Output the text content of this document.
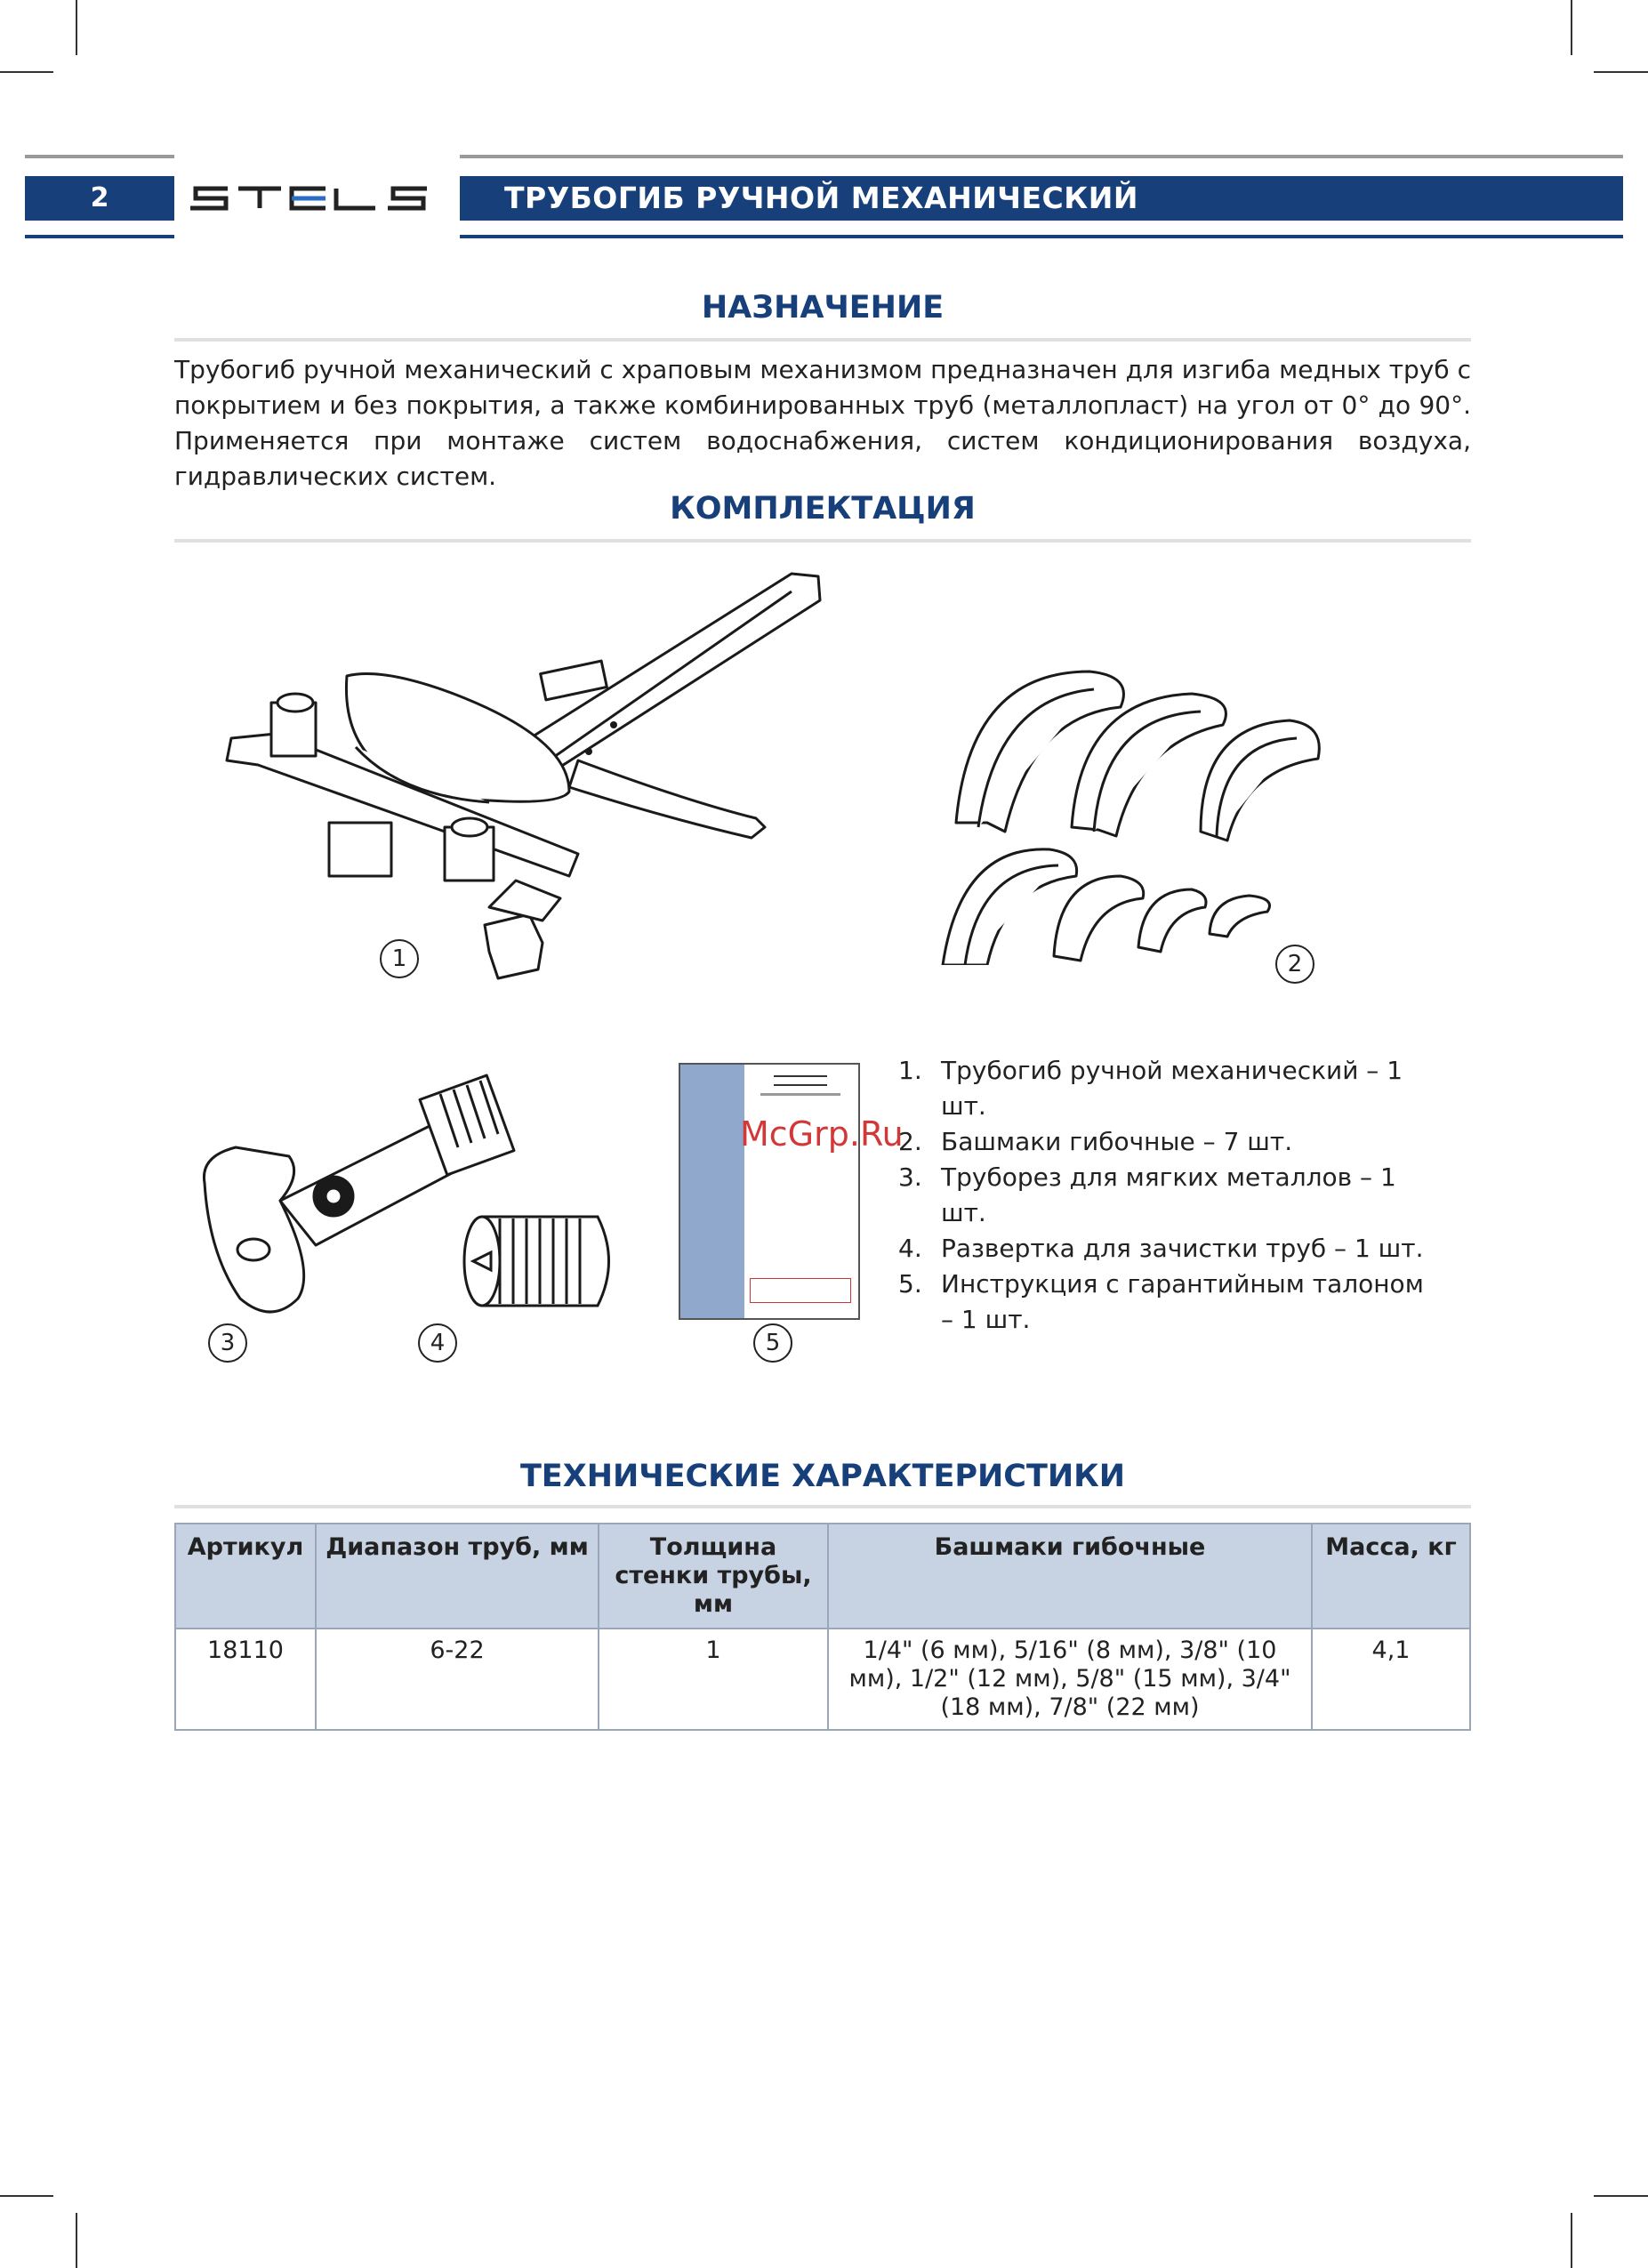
2
STELS
ТРУБОГИБ РУЧНОЙ МЕХАНИЧЕСКИЙ
НАЗНАЧЕНИЕ
Трубогиб ручной механический с храповым механизмом предназначен для изгиба медных труб с покрытием и без покрытия, а также комбинированных труб (металлопласт) на угол от 0° до 90°. Применяется при монтаже систем водоснабжения, систем кондиционирования воздуха, гидравлических систем.
КОМПЛЕКТАЦИЯ
1	2
3	4	5
1. Трубогиб ручной механический – 1 шт.
2. Башмаки гибочные – 7 шт.
3. Труборез для мягких металлов – 1 шт.
4. Развертка для зачистки труб – 1 шт.
5. Инструкция с гарантийным талоном – 1 шт.
McGrp.Ru
ТЕХНИЧЕСКИЕ ХАРАКТЕРИСТИКИ
Артикул	Диапазон труб, мм	Толщина стенки трубы, мм	Башмаки гибочные	Масса, кг
18110	6-22	1	1/4" (6 мм), 5/16" (8 мм), 3/8" (10 мм), 1/2" (12 мм), 5/8" (15 мм), 3/4" (18 мм), 7/8" (22 мм)	4,1
